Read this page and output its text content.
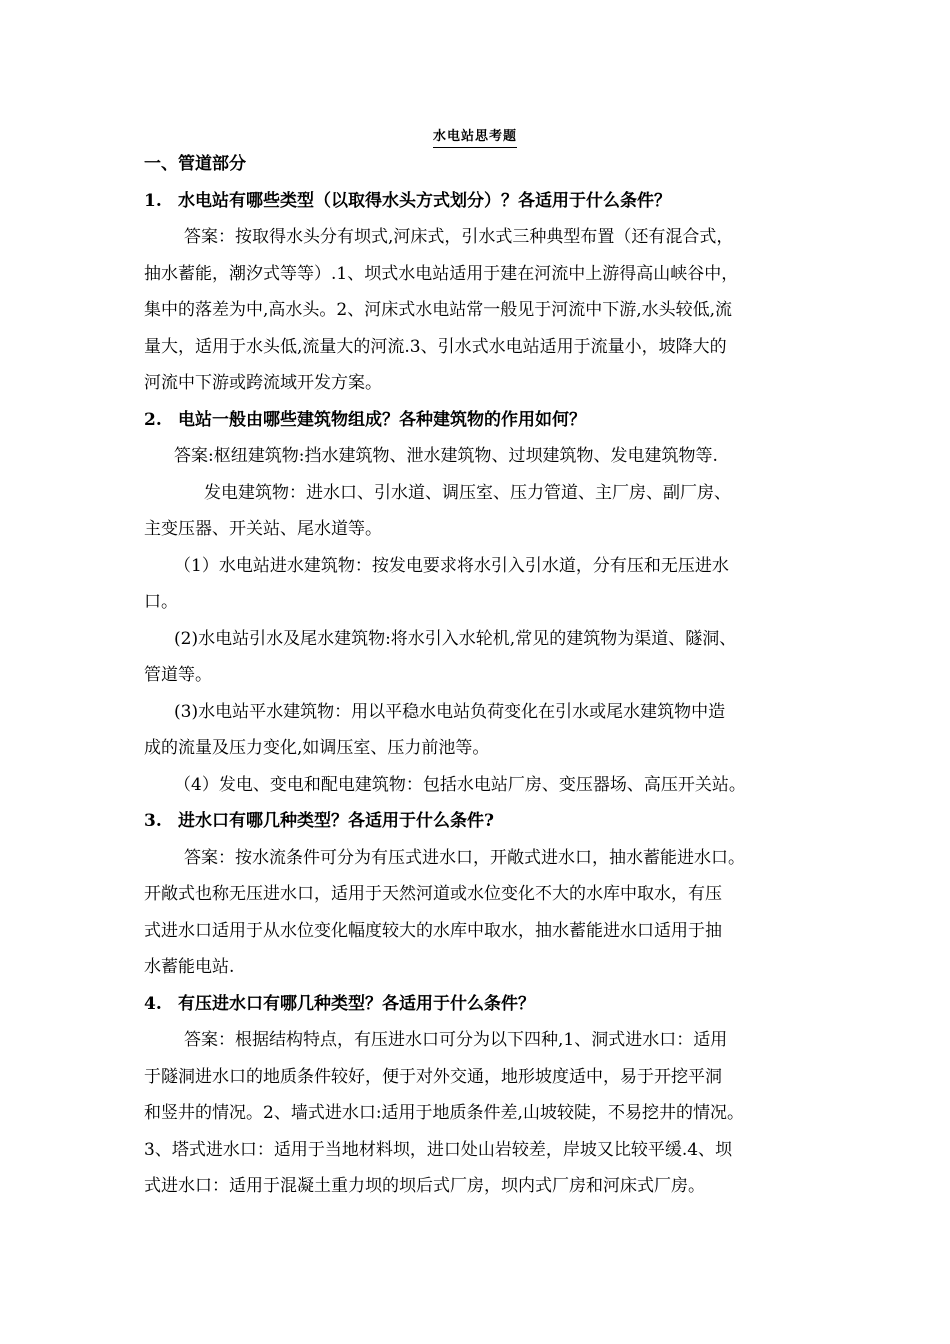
水电站思考题
一、管道部分
1. 水电站有哪些类型（以取得水头方式划分）？各适用于什么条件？
答案：按取得水头分有坝式,河床式，引水式三种典型布置（还有混合式，
抽水蓄能，潮汐式等等）.1、坝式水电站适用于建在河流中上游得高山峡谷中，
集中的落差为中,高水头。2、河床式水电站常一般见于河流中下游,水头较低,流
量大，适用于水头低,流量大的河流.3、引水式水电站适用于流量小，坡降大的
河流中下游或跨流域开发方案。
2. 电站一般由哪些建筑物组成？各种建筑物的作用如何？
答案:枢纽建筑物:挡水建筑物、泄水建筑物、过坝建筑物、发电建筑物等.
发电建筑物：进水口、引水道、调压室、压力管道、主厂房、副厂房、
主变压器、开关站、尾水道等。
（1）水电站进水建筑物：按发电要求将水引入引水道，分有压和无压进水
口。
(2)水电站引水及尾水建筑物:将水引入水轮机,常见的建筑物为渠道、隧洞、
管道等。
(3)水电站平水建筑物：用以平稳水电站负荷变化在引水或尾水建筑物中造
成的流量及压力变化,如调压室、压力前池等。
（4）发电、变电和配电建筑物：包括水电站厂房、变压器场、高压开关站。
3. 进水口有哪几种类型？各适用于什么条件?
答案：按水流条件可分为有压式进水口，开敞式进水口，抽水蓄能进水口。
开敞式也称无压进水口，适用于天然河道或水位变化不大的水库中取水，有压
式进水口适用于从水位变化幅度较大的水库中取水，抽水蓄能进水口适用于抽
水蓄能电站.
4. 有压进水口有哪几种类型？各适用于什么条件？
答案：根据结构特点，有压进水口可分为以下四种,1、洞式进水口：适用
于隧洞进水口的地质条件较好，便于对外交通，地形坡度适中，易于开挖平洞
和竖井的情况。2、墙式进水口:适用于地质条件差,山坡较陡，不易挖井的情况。
3、塔式进水口：适用于当地材料坝，进口处山岩较差，岸坡又比较平缓.4、坝
式进水口：适用于混凝土重力坝的坝后式厂房，坝内式厂房和河床式厂房。
